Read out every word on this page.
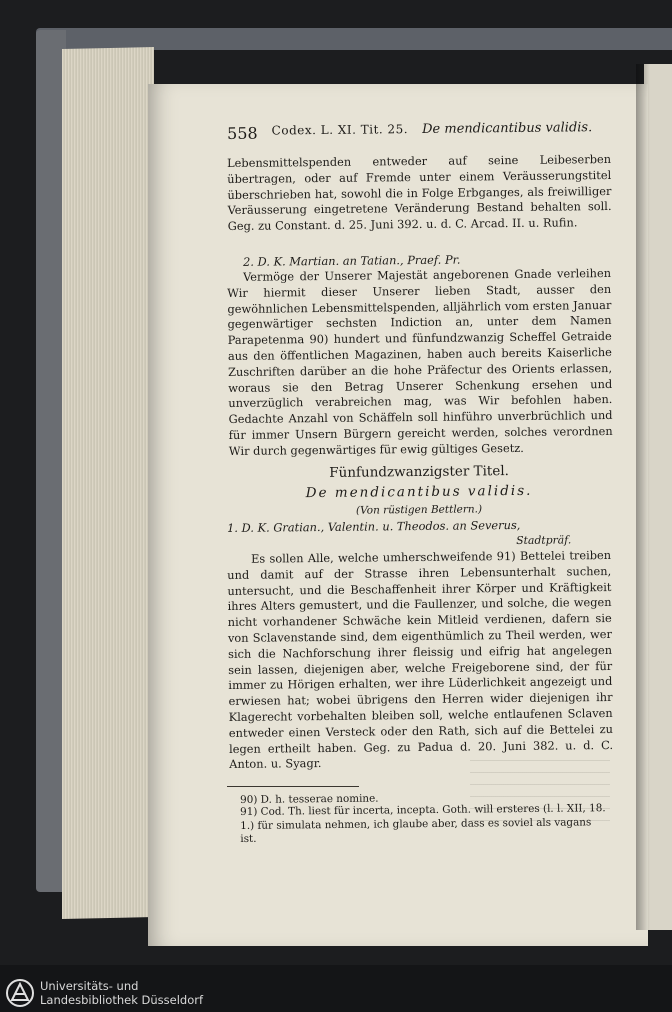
558 Codex. L. XI. Tit. 25. De mendicantibus validis.

Lebensmittelspenden entweder auf seine Leibeserben übertragen, oder auf Fremde unter einem Veräusserungstitel überschrieben hat, sowohl die in Folge Erbganges, als freiwilliger Veräusserung eingetretene Veränderung Bestand behalten soll. Geg. zu Constant. d. 25. Juni 392. u. d. C. Arcad. II. u. Rufin.

2. D. K. Martian. an Tatian., Praef. Pr.

Vermöge der Unserer Majestät angeborenen Gnade verleihen Wir hiermit dieser Unserer lieben Stadt, ausser den gewöhnlichen Lebensmittelspenden, alljährlich vom ersten Januar gegenwärtiger sechsten Indiction an, unter dem Namen Parapetenma 90) hundert und fünfundzwanzig Scheffel Getraide aus den öffentlichen Magazinen, haben auch bereits Kaiserliche Zuschriften darüber an die hohe Präfectur des Orients erlassen, woraus sie den Betrag Unserer Schenkung ersehen und unverzüglich verabreichen mag, was Wir befohlen haben. Gedachte Anzahl von Schäffeln soll hinführo unverbrüchlich und für immer Unsern Bürgern gereicht werden, solches verordnen Wir durch gegenwärtiges für ewig gültiges Gesetz.

Fünfundzwanzigster Titel.
De mendicantibus validis.
(Von rüstigen Bettlern.)
1. D. K. Gratian., Valentin. u. Theodos. an Severus,
Stadtpräf.

Es sollen Alle, welche umherschweifende 91) Bettelei treiben und damit auf der Strasse ihren Lebensunterhalt suchen, untersucht, und die Beschaffenheit ihrer Körper und Kräftigkeit ihres Alters gemustert, und die Faullenzer, und solche, die wegen nicht vorhandener Schwäche kein Mitleid verdienen, dafern sie von Sclavenstande sind, dem eigenthümlich zu Theil werden, wer sich die Nachforschung ihrer fleissig und eifrig hat angelegen sein lassen, diejenigen aber, welche Freigeborene sind, der für immer zu Hörigen erhalten, wer ihre Lüderlichkeit angezeigt und erwiesen hat; wobei übrigens den Herren wider diejenigen ihr Klagerecht vorbehalten bleiben soll, welche entlaufenen Sclaven entweder einen Versteck oder den Rath, sich auf die Bettelei zu legen ertheilt haben. Geg. zu Padua d. 20. Juni 382. u. d. C. Anton. u. Syagr.

90) D. h. tesserae nomine.
91) Cod. Th. liest für incerta, incepta. Goth. will ersteres (l. l. XII, 18. 1.) für simulata nehmen, ich glaube aber, dass es soviel als vagans ist.
Universitäts- und
Landesbibliothek Düsseldorf
